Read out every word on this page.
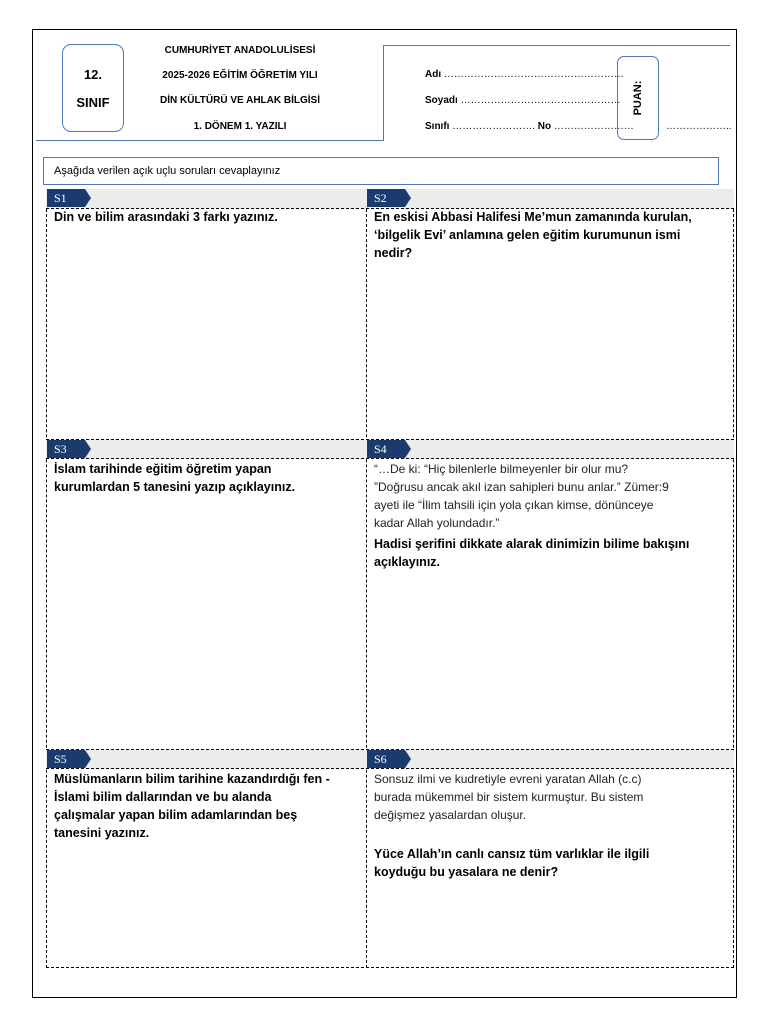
12.
SINIF
CUMHURİYET ANADOLULİSESİ
2025-2026 EĞİTİM ÖĞRETİM YILI
DİN KÜLTÜRÜ VE AHLAK BİLGİSİ
1. DÖNEM 1. YAZILI
Adı ………………………………………………
Soyadı …………………………………………
Sınıfı ……………………. No ……………………
PUAN:
………………..
Aşağıda verilen açık uçlu soruları cevaplayınız
S1
Din ve bilim arasındaki 3 farkı yazınız.
S2
En eskisi Abbasi Halifesi Me’mun zamanında kurulan,
‘bilgelik Evi’ anlamına gelen eğitim kurumunun ismi
nedir?
S3
İslam tarihinde eğitim öğretim yapan
kurumlardan 5 tanesini yazıp açıklayınız.
S4
“…De ki: “Hiç bilenlerle bilmeyenler bir olur mu?
”Doğrusu ancak akıl izan sahipleri bunu anlar.” Zümer:9
ayeti ile “İlim tahsili için yola çıkan kimse, dönünceye
kadar Allah yolundadır.”
Hadisi şerifini dikkate alarak dinimizin bilime bakışını
açıklayınız.
S5
Müslümanların bilim tarihine kazandırdığı fen -
İslami bilim dallarından ve bu alanda
çalışmalar yapan bilim adamlarından beş
tanesini yazınız.
S6
Sonsuz ilmi ve kudretiyle evreni yaratan Allah (c.c)
burada mükemmel bir sistem kurmuştur. Bu sistem
değişmez yasalardan oluşur.
Yüce Allah’ın canlı cansız tüm varlıklar ile ilgili
koyduğu bu yasalara ne denir?
